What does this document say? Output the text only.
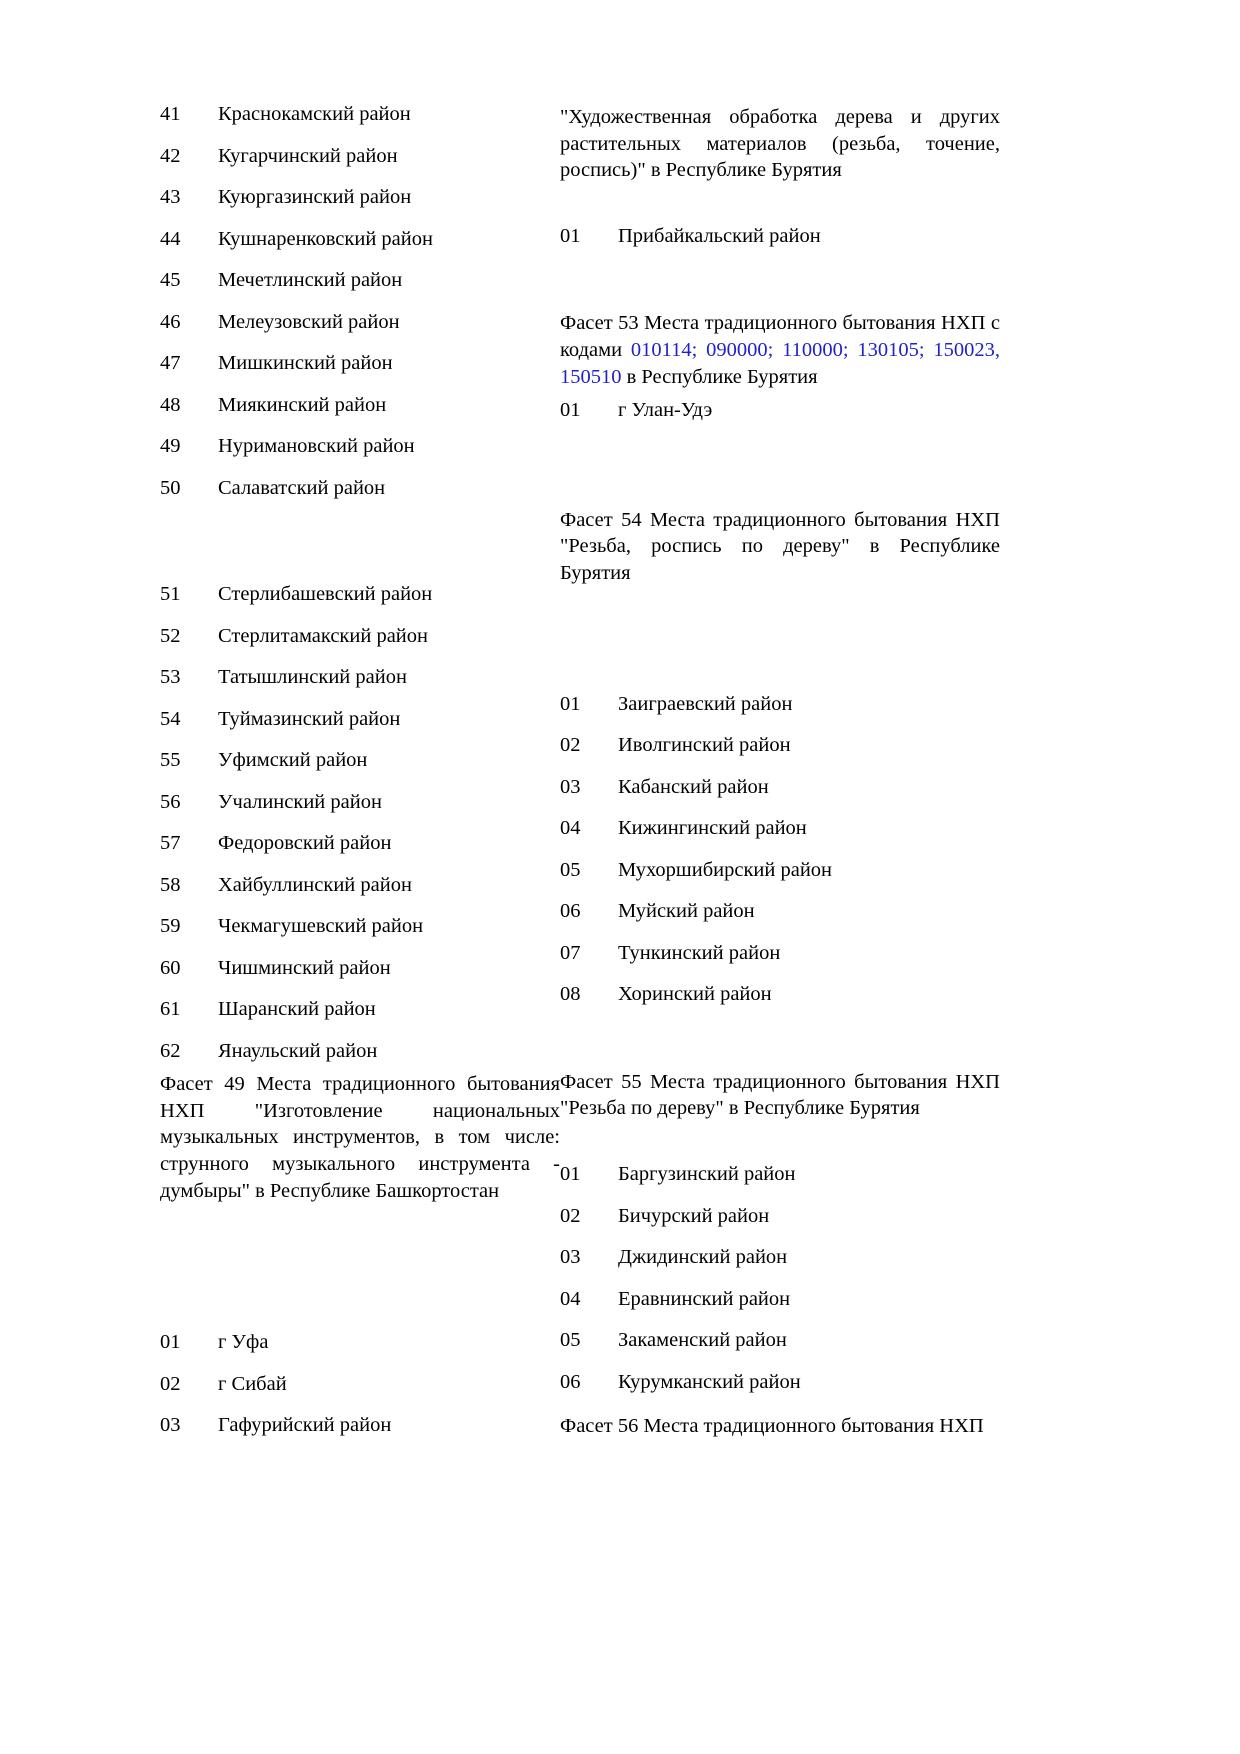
41	Краснокамский район
42	Кугарчинский район
43	Куюргазинский район
44	Кушнаренковский район
45	Мечетлинский район
46	Мелеузовский район
47	Мишкинский район
48	Миякинский район
49	Нуримановский район
50	Салаватский район
51	Стерлибашевский район
52	Стерлитамакский район
53	Татышлинский район
54	Туймазинский район
55	Уфимский район
56	Учалинский район
57	Федоровский район
58	Хайбуллинский район
59	Чекмагушевский район
60	Чишминский район
61	Шаранский район
62	Янаульский район
Фасет 49 Места традиционного бытования НХП "Изготовление национальных музыкальных инструментов, в том числе: струнного музыкального инструмента - думбыры" в Республике Башкортостан
01	г Уфа
02	г Сибай
03	Гафурийский район
"Художественная обработка дерева и других растительных материалов (резьба, точение, роспись)" в Республике Бурятия
01	Прибайкальский район
Фасет 53 Места традиционного бытования НХП с кодами 010114; 090000; 110000; 130105; 150023, 150510 в Республике Бурятия
01	г Улан-Удэ
Фасет 54 Места традиционного бытования НХП "Резьба, роспись по дереву" в Республике Бурятия
01	Заиграевский район
02	Иволгинский район
03	Кабанский район
04	Кижингинский район
05	Мухоршибирский район
06	Муйский район
07	Тункинский район
08	Хоринский район
Фасет 55 Места традиционного бытования НХП "Резьба по дереву" в Республике Бурятия
01	Баргузинский район
02	Бичурский район
03	Джидинский район
04	Еравнинский район
05	Закаменский район
06	Курумканский район
Фасет 56 Места традиционного бытования НХП
